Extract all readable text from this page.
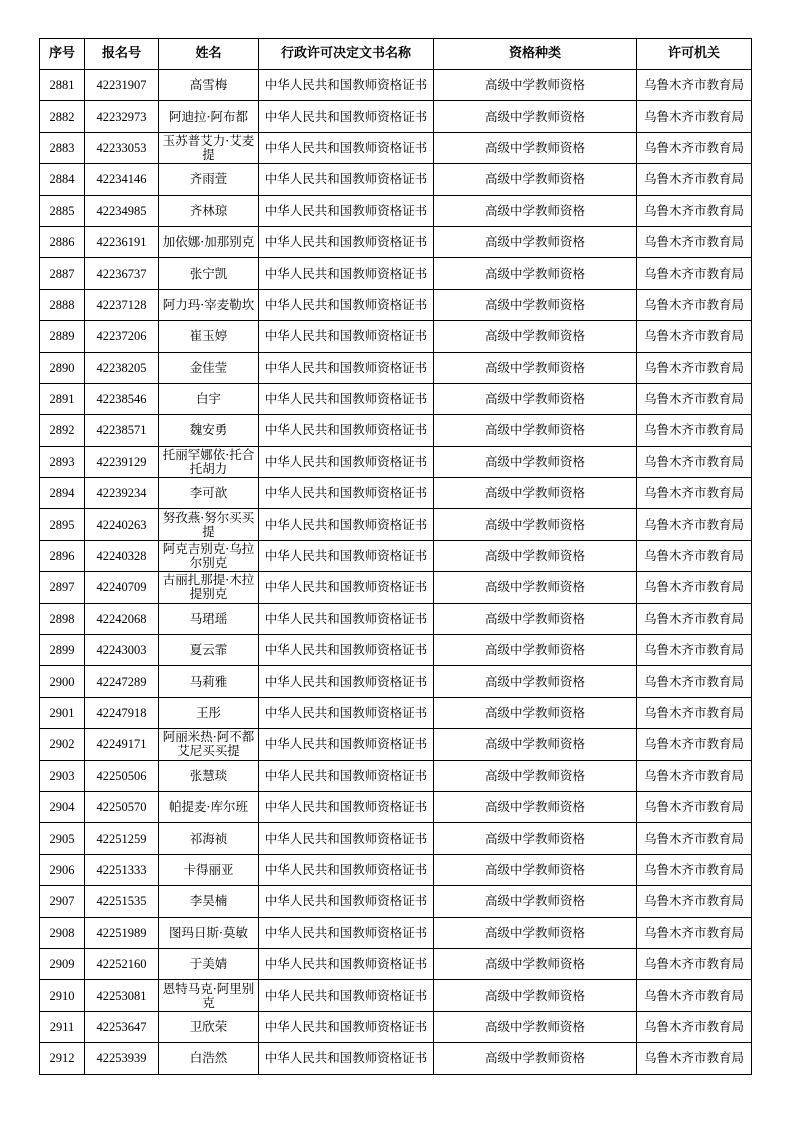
序号	报名号	姓名	行政许可决定文书名称	资格种类	许可机关
2881	42231907	高雪梅	中华人民共和国教师资格证书	高级中学教师资格	乌鲁木齐市教育局
2882	42232973	阿迪拉·阿布都	中华人民共和国教师资格证书	高级中学教师资格	乌鲁木齐市教育局
2883	42233053	玉苏普艾力·艾麦提	中华人民共和国教师资格证书	高级中学教师资格	乌鲁木齐市教育局
2884	42234146	齐雨萱	中华人民共和国教师资格证书	高级中学教师资格	乌鲁木齐市教育局
2885	42234985	齐林琼	中华人民共和国教师资格证书	高级中学教师资格	乌鲁木齐市教育局
2886	42236191	加依娜·加那别克	中华人民共和国教师资格证书	高级中学教师资格	乌鲁木齐市教育局
2887	42236737	张宁凯	中华人民共和国教师资格证书	高级中学教师资格	乌鲁木齐市教育局
2888	42237128	阿力玛·宰麦勒坎	中华人民共和国教师资格证书	高级中学教师资格	乌鲁木齐市教育局
2889	42237206	崔玉婷	中华人民共和国教师资格证书	高级中学教师资格	乌鲁木齐市教育局
2890	42238205	金佳莹	中华人民共和国教师资格证书	高级中学教师资格	乌鲁木齐市教育局
2891	42238546	白宇	中华人民共和国教师资格证书	高级中学教师资格	乌鲁木齐市教育局
2892	42238571	魏安勇	中华人民共和国教师资格证书	高级中学教师资格	乌鲁木齐市教育局
2893	42239129	托丽罕娜依·托合托胡力	中华人民共和国教师资格证书	高级中学教师资格	乌鲁木齐市教育局
2894	42239234	李可歆	中华人民共和国教师资格证书	高级中学教师资格	乌鲁木齐市教育局
2895	42240263	努孜燕·努尔买买提	中华人民共和国教师资格证书	高级中学教师资格	乌鲁木齐市教育局
2896	42240328	阿克吉别克·乌拉尔别克	中华人民共和国教师资格证书	高级中学教师资格	乌鲁木齐市教育局
2897	42240709	古丽扎那提·木拉提别克	中华人民共和国教师资格证书	高级中学教师资格	乌鲁木齐市教育局
2898	42242068	马珺瑶	中华人民共和国教师资格证书	高级中学教师资格	乌鲁木齐市教育局
2899	42243003	夏云霏	中华人民共和国教师资格证书	高级中学教师资格	乌鲁木齐市教育局
2900	42247289	马莉雅	中华人民共和国教师资格证书	高级中学教师资格	乌鲁木齐市教育局
2901	42247918	王彤	中华人民共和国教师资格证书	高级中学教师资格	乌鲁木齐市教育局
2902	42249171	阿丽米热·阿不都艾尼买买提	中华人民共和国教师资格证书	高级中学教师资格	乌鲁木齐市教育局
2903	42250506	张慧琰	中华人民共和国教师资格证书	高级中学教师资格	乌鲁木齐市教育局
2904	42250570	帕提麦·库尔班	中华人民共和国教师资格证书	高级中学教师资格	乌鲁木齐市教育局
2905	42251259	祁海祯	中华人民共和国教师资格证书	高级中学教师资格	乌鲁木齐市教育局
2906	42251333	卡得丽亚	中华人民共和国教师资格证书	高级中学教师资格	乌鲁木齐市教育局
2907	42251535	李昊楠	中华人民共和国教师资格证书	高级中学教师资格	乌鲁木齐市教育局
2908	42251989	图玛日斯·莫敏	中华人民共和国教师资格证书	高级中学教师资格	乌鲁木齐市教育局
2909	42252160	于美婧	中华人民共和国教师资格证书	高级中学教师资格	乌鲁木齐市教育局
2910	42253081	恩特马克·阿里别克	中华人民共和国教师资格证书	高级中学教师资格	乌鲁木齐市教育局
2911	42253647	卫欣荣	中华人民共和国教师资格证书	高级中学教师资格	乌鲁木齐市教育局
2912	42253939	白浩然	中华人民共和国教师资格证书	高级中学教师资格	乌鲁木齐市教育局
